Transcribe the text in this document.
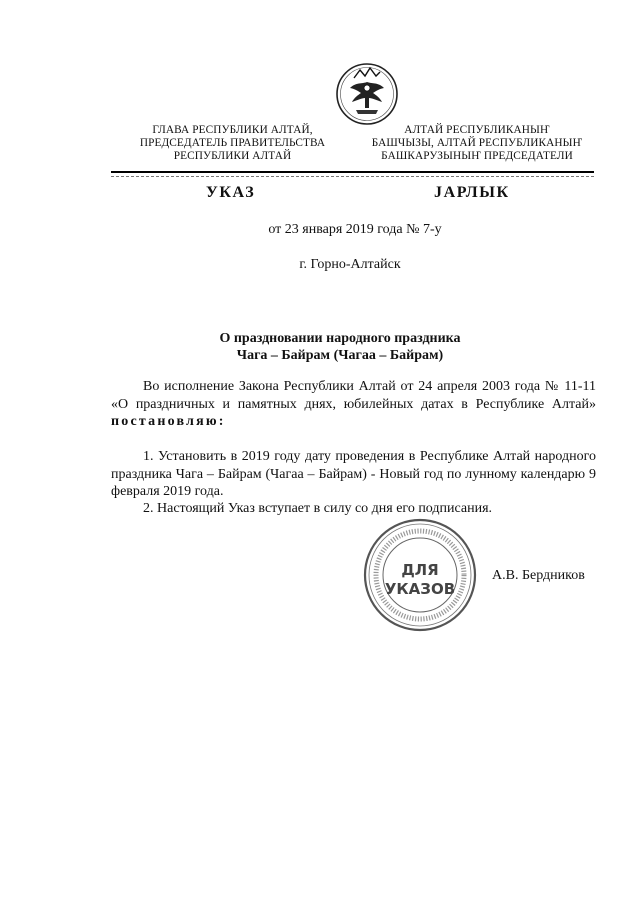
ГЛАВА РЕСПУБЛИКИ АЛТАЙ,
ПРЕДСЕДАТЕЛЬ ПРАВИТЕЛЬСТВА
РЕСПУБЛИКИ АЛТАЙ
АЛТАЙ РЕСПУБЛИКАНЫҤ
БАШЧЫЗЫ, АЛТАЙ РЕСПУБЛИКАНЫҤ
БАШКАРУЗЫНЫҤ ПРЕДСЕДАТЕЛИ
УКАЗ	JАРЛЫК
от 23 января 2019 года № 7-у
г. Горно-Алтайск
О праздновании народного праздника
Чага – Байрам (Чагаа – Байрам)
Во исполнение Закона Республики Алтай от 24 апреля 2003 года № 11-11 «О праздничных и памятных днях, юбилейных датах в Республике Алтай» постановляю:
1. Установить в 2019 году дату проведения в Республике Алтай народного праздника Чага – Байрам (Чагаа – Байрам) - Новый год по лунному календарю 9 февраля 2019 года.
2. Настоящий Указ вступает в силу со дня его подписания.
ДЛЯ
УКАЗОВ
А.В. Бердников
